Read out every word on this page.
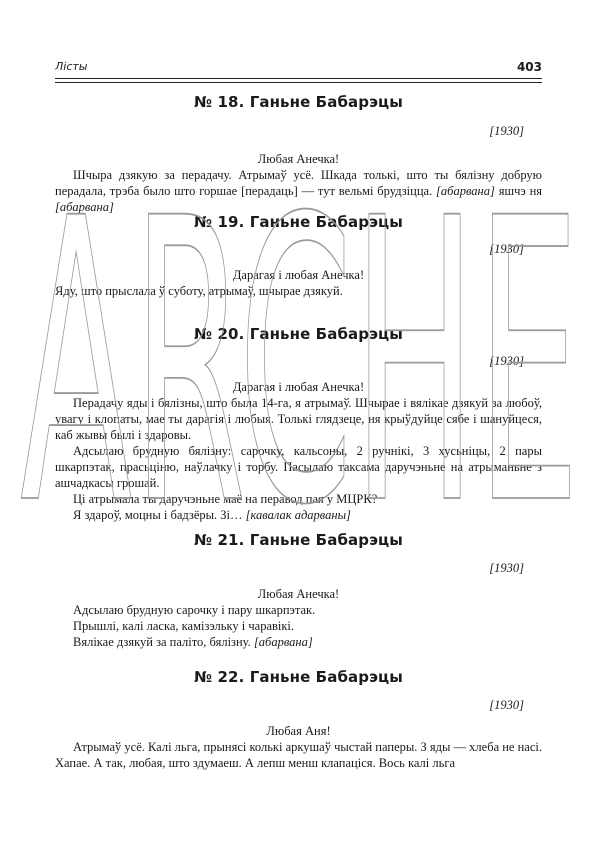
Лісты	403
№ 18. Ганьне Бабарэцы
[1930]
Любая Анечка!
Шчыра дзякую за перадачу. Атрымаў усё. Шкада толькі, што ты бялізну добрую перадала, трэба было што горшае [перадаць] — тут вельмі брудзіцца. [абарвана] яшчэ ня [абарвана]
№ 19. Ганьне Бабарэцы
[1930]
Дарагая і любая Анечка!
Яду, што прыслала ў суботу, атрымаў, шчырае дзякуй.
№ 20. Ганьне Бабарэцы
[1930]
Дарагая і любая Анечка!
Перадачу яды і бялізны, што была 14-га, я атрымаў. Шчырае і вялікае дзякуй за любоў, увагу і клопаты, мае ты дарагія і любыя. Толькі глядзеце, ня крыўдуйце сябе і шануйцеся, каб жывы былі і здаровы.
Адсылаю брудную бялізну: сарочку, кальсоны, 2 ручнікі, 3 хусьніцы, 2 пары шкарпэтак, прасьціню, наўлачку і торбу. Пасылаю таксама даручэньне на атрымaньне з ашчадкасы грошай.
Ці атрымала ты даручэньне маё на перавод пая у МЦРК?
Я здароў, моцны і бадзёры. Зі… [кавалак адарваны]
№ 21. Ганьне Бабарэцы
[1930]
Любая Анечка!
Адсылаю брудную сарочку і пару шкарпэтак.
Прышлі, калі ласка, камізэльку і чаравікі.
Вялікае дзякуй за паліто, бялізну. [абарвана]
№ 22. Ганьне Бабарэцы
[1930]
Любая Аня!
Атрымаў усё. Калі льга, прынясі колькі аркушаў чыстай паперы. З яды — хлеба не насі. Хапае. А так, любая, што здумаеш. А лепш менш клапаціся. Вось калі льга
ARCHE
